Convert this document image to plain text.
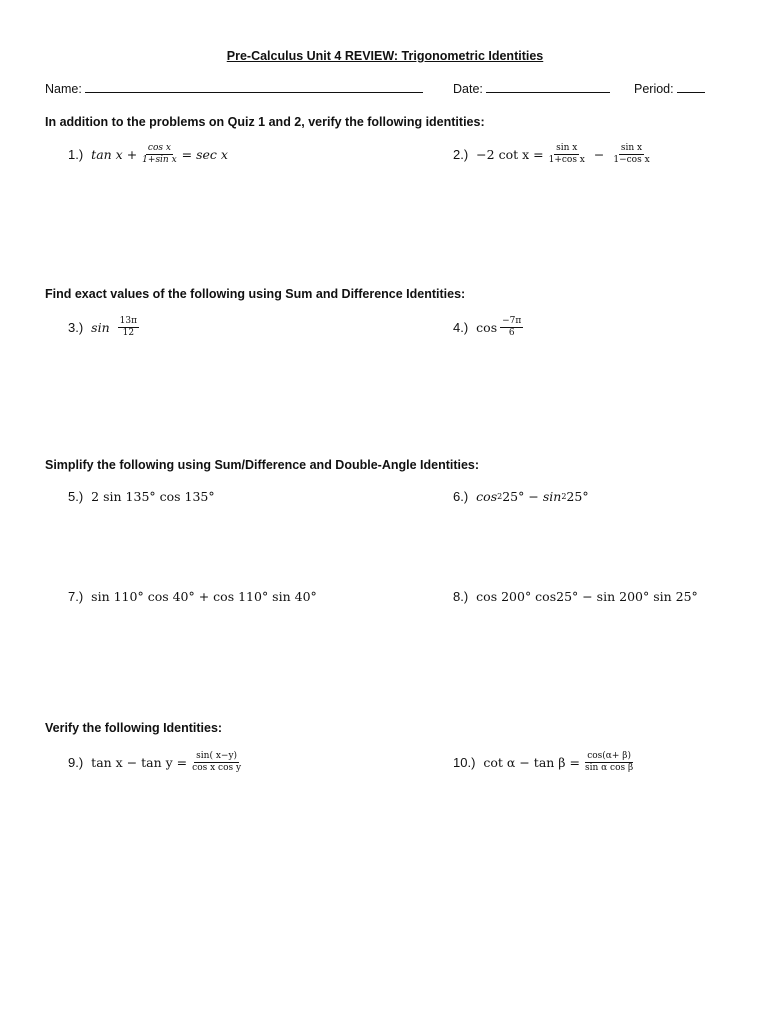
Pre-Calculus Unit 4 REVIEW: Trigonometric Identities
Name:	Date:	Period:
In addition to the problems on Quiz 1 and 2, verify the following identities:
1.) $\tan x + \frac{\text{cos x}}{\text{1+sin x}} = \sec x$	2.) −2 $\cot x = \frac{\text{sin x}}{\text{1+cos x}} - \frac{\text{sin x}}{\text{1−cos x}}$
Find exact values of the following using Sum and Difference Identities:
3.) $\sin \frac{13\pi}{12}$	4.) $\cos \frac{-7\pi}{6}$
Simplify the following using Sum/Difference and Double-Angle Identities:
5.) 2 sin 135° cos 135°	6.) cos 2 25° − sin 2 25°
7.) sin 110° cos 40° + cos 110° sin 40°	8.) cos 200° cos25° − sin 200° sin 25°
Verify the following Identities:
9.) $\tan x - \tan y = \frac{\sin( x-y)}{\text{cos x cos y}}$	10.) $\cot \alpha - \tan \beta = \frac{\cos(\alpha+ \beta)}{\text{sin α cos β}}$
